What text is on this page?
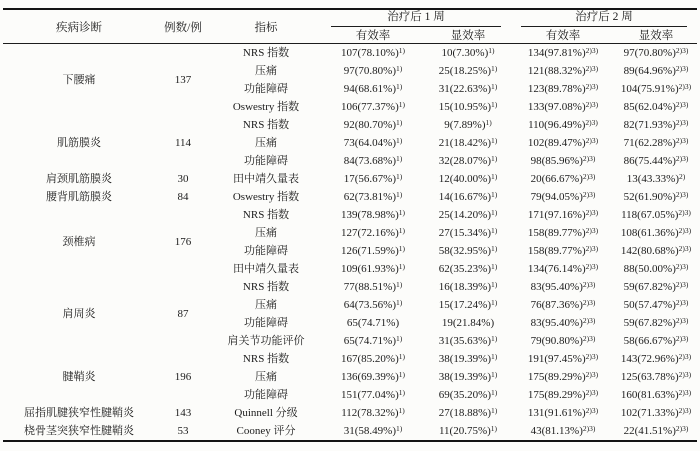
疾病诊断	例数/例	指标	治疗后 1 周		治疗后 2 周	

			有效率	显效率	有效率	显效率
下腰痛	137	NRS 指数	$107(78.10\%)^{1)}$	$10(7.30\%)^{1)}$	$134(97.81\%)^{2)3)}$	$97(70.80\%)^{2)3)}$
		压痛	$97(70.80\%)^{1)}$	$25(18.25\%)^{1)}$	$121(88.32\%)^{2)3)}$	$89(64.96\%)^{2)3)}$
		功能障碍	$94(68.61\%)^{1)}$	$31(22.63\%)^{1)}$	$123(89.78\%)^{2)3)}$	$104(75.91\%)^{2)3)}$
		Oswestry 指数	$106(77.37\%)^{1)}$	$15(10.95\%)^{1)}$	$133(97.08\%)^{2)3)}$	$85(62.04\%)^{2)3)}$
肌筋膜炎	114	NRS 指数	$92(80.70\%)^{1)}$	$9(7.89\%)^{1)}$	$110(96.49\%)^{2)3)}$	$82(71.93\%)^{2)3)}$
		压痛	$73(64.04\%)^{1)}$	$21(18.42\%)^{1)}$	$102(89.47\%)^{2)3)}$	$71(62.28\%)^{2)3)}$
		功能障碍	$84(73.68\%)^{1)}$	$32(28.07\%)^{1)}$	$98(85.96\%)^{2)3)}$	$86(75.44\%)^{2)3)}$
肩颈肌筋膜炎	30	田中靖久量表	$17(56.67\%)^{1)}$	$12(40.00\%)^{1)}$	$20(66.67\%)^{2)3)}$	$13(43.33\%)^{2)}$
腰背肌筋膜炎	84	Oswestry 指数	$62(73.81\%)^{1)}$	$14(16.67\%)^{1)}$	$79(94.05\%)^{2)3)}$	$52(61.90\%)^{2)3)}$
颈椎病	176	NRS 指数	$139(78.98\%)^{1)}$	$25(14.20\%)^{1)}$	$171(97.16\%)^{2)3)}$	$118(67.05\%)^{2)3)}$
		压痛	$127(72.16\%)^{1)}$	$27(15.34\%)^{1)}$	$158(89.77\%)^{2)3)}$	$108(61.36\%)^{2)3)}$
		功能障碍	$126(71.59\%)^{1)}$	$58(32.95\%)^{1)}$	$158(89.77\%)^{2)3)}$	$142(80.68\%)^{2)3)}$
		田中靖久量表	$109(61.93\%)^{1)}$	$62(35.23\%)^{1)}$	$134(76.14\%)^{2)3)}$	$88(50.00\%)^{2)3)}$
肩周炎	87	NRS 指数	$77(88.51\%)^{1)}$	$16(18.39\%)^{1)}$	$83(95.40\%)^{2)3)}$	$59(67.82\%)^{2)3)}$
		压痛	$64(73.56\%)^{1)}$	$15(17.24\%)^{1)}$	$76(87.36\%)^{2)3)}$	$50(57.47\%)^{2)3)}$
		功能障碍	65(74.71%)	19(21.84%)	$83(95.40\%)^{2)3)}$	$59(67.82\%)^{2)3)}$
		肩关节功能评价	$65(74.71\%)^{1)}$	$31(35.63\%)^{1)}$	$79(90.80\%)^{2)3)}$	$58(66.67\%)^{2)3)}$
腱鞘炎	196	NRS 指数	$167(85.20\%)^{1)}$	$38(19.39\%)^{1)}$	$191(97.45\%)^{2)3)}$	$143(72.96\%)^{2)3)}$
		压痛	$136(69.39\%)^{1)}$	$38(19.39\%)^{1)}$	$175(89.29\%)^{2)3)}$	$125(63.78\%)^{2)3)}$
		功能障碍	$151(77.04\%)^{1)}$	$69(35.20\%)^{1)}$	$175(89.29\%)^{2)3)}$	$160(81.63\%)^{2)3)}$
屈指肌腱狭窄性腱鞘炎	143	Quinnell 分级	$112(78.32\%)^{1)}$	$27(18.88\%)^{1)}$	$131(91.61\%)^{2)3)}$	$102(71.33\%)^{2)3)}$
桡骨茎突狭窄性腱鞘炎	53	Cooney 评分	$31(58.49\%)^{1)}$	$11(20.75\%)^{1)}$	$43(81.13\%)^{2)3)}$	$22(41.51\%)^{2)3)}$
